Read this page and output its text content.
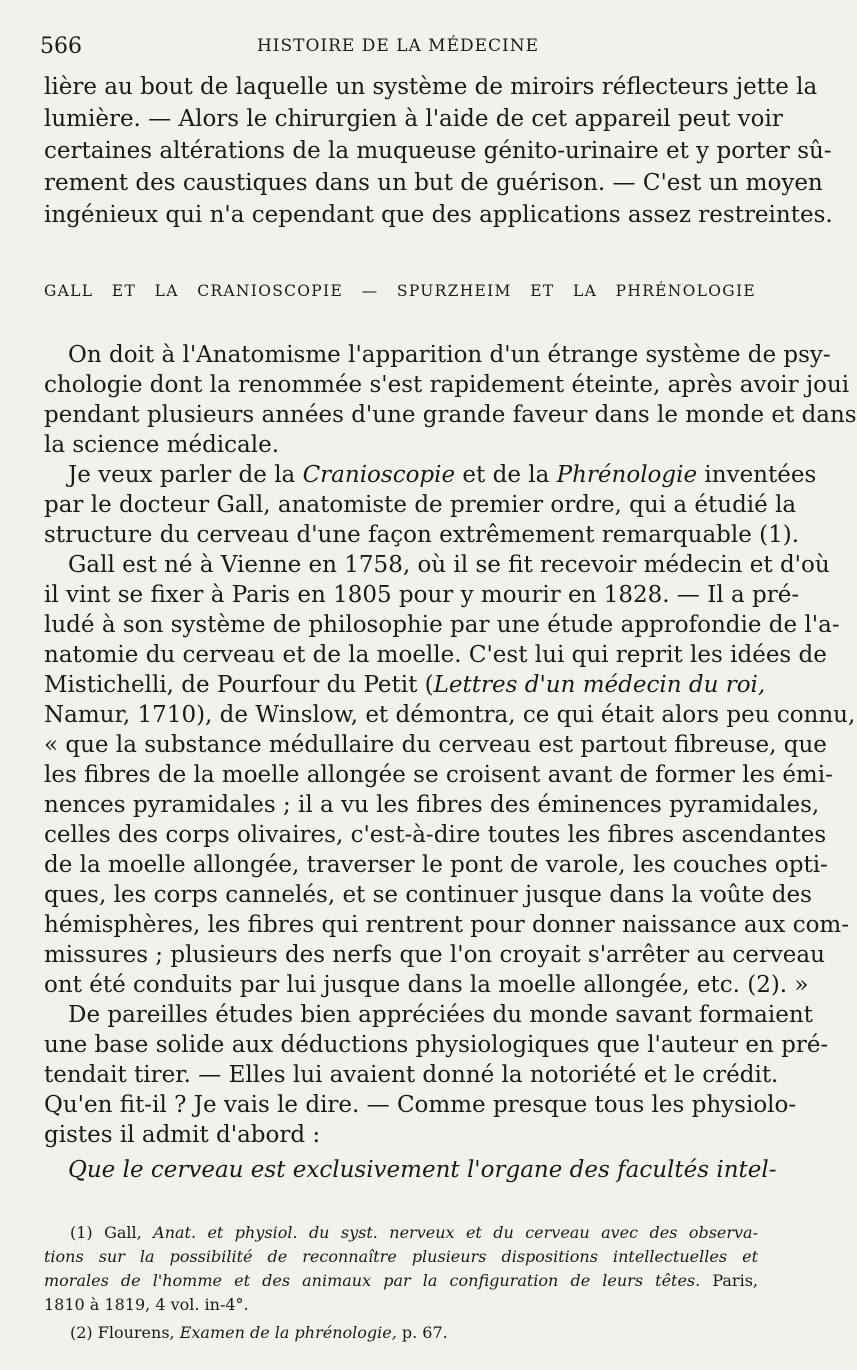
566	HISTOIRE DE LA MÉDECINE
lière au bout de laquelle un système de miroirs réflecteurs jette la
lumière. — Alors le chirurgien à l'aide de cet appareil peut voir
certaines altérations de la muqueuse génito-urinaire et y porter sû-
rement des caustiques dans un but de guérison. — C'est un moyen
ingénieux qui n'a cependant que des applications assez restreintes.
GALL ET LA CRANIOSCOPIE — SPURZHEIM ET LA PHRÉNOLOGIE
On doit à l'Anatomisme l'apparition d'un étrange système de psy-
chologie dont la renommée s'est rapidement éteinte, après avoir joui
pendant plusieurs années d'une grande faveur dans le monde et dans
la science médicale.
Je veux parler de la Cranioscopie et de la Phrénologie inventées
par le docteur Gall, anatomiste de premier ordre, qui a étudié la
structure du cerveau d'une façon extrêmement remarquable (1).
Gall est né à Vienne en 1758, où il se fit recevoir médecin et d'où
il vint se fixer à Paris en 1805 pour y mourir en 1828. — Il a pré-
ludé à son système de philosophie par une étude approfondie de l'a-
natomie du cerveau et de la moelle. C'est lui qui reprit les idées de
Mistichelli, de Pourfour du Petit (Lettres d'un médecin du roi,
Namur, 1710), de Winslow, et démontra, ce qui était alors peu connu,
« que la substance médullaire du cerveau est partout fibreuse, que
les fibres de la moelle allongée se croisent avant de former les émi-
nences pyramidales ; il a vu les fibres des éminences pyramidales,
celles des corps olivaires, c'est-à-dire toutes les fibres ascendantes
de la moelle allongée, traverser le pont de varole, les couches opti-
ques, les corps cannelés, et se continuer jusque dans la voûte des
hémisphères, les fibres qui rentrent pour donner naissance aux com-
missures ; plusieurs des nerfs que l'on croyait s'arrêter au cerveau
ont été conduits par lui jusque dans la moelle allongée, etc. (2). »
De pareilles études bien appréciées du monde savant formaient
une base solide aux déductions physiologiques que l'auteur en pré-
tendait tirer. — Elles lui avaient donné la notoriété et le crédit.
Qu'en fit-il ? Je vais le dire. — Comme presque tous les physiolo-
gistes il admit d'abord :
Que le cerveau est exclusivement l'organe des facultés intel-
(1) Gall, Anat. et physiol. du syst. nerveux et du cerveau avec des observa-
tions sur la possibilité de reconnaître plusieurs dispositions intellectuelles et
morales de l'homme et des animaux par la configuration de leurs têtes. Paris,
1810 à 1819, 4 vol. in-4°.
(2) Flourens, Examen de la phrénologie, p. 67.
